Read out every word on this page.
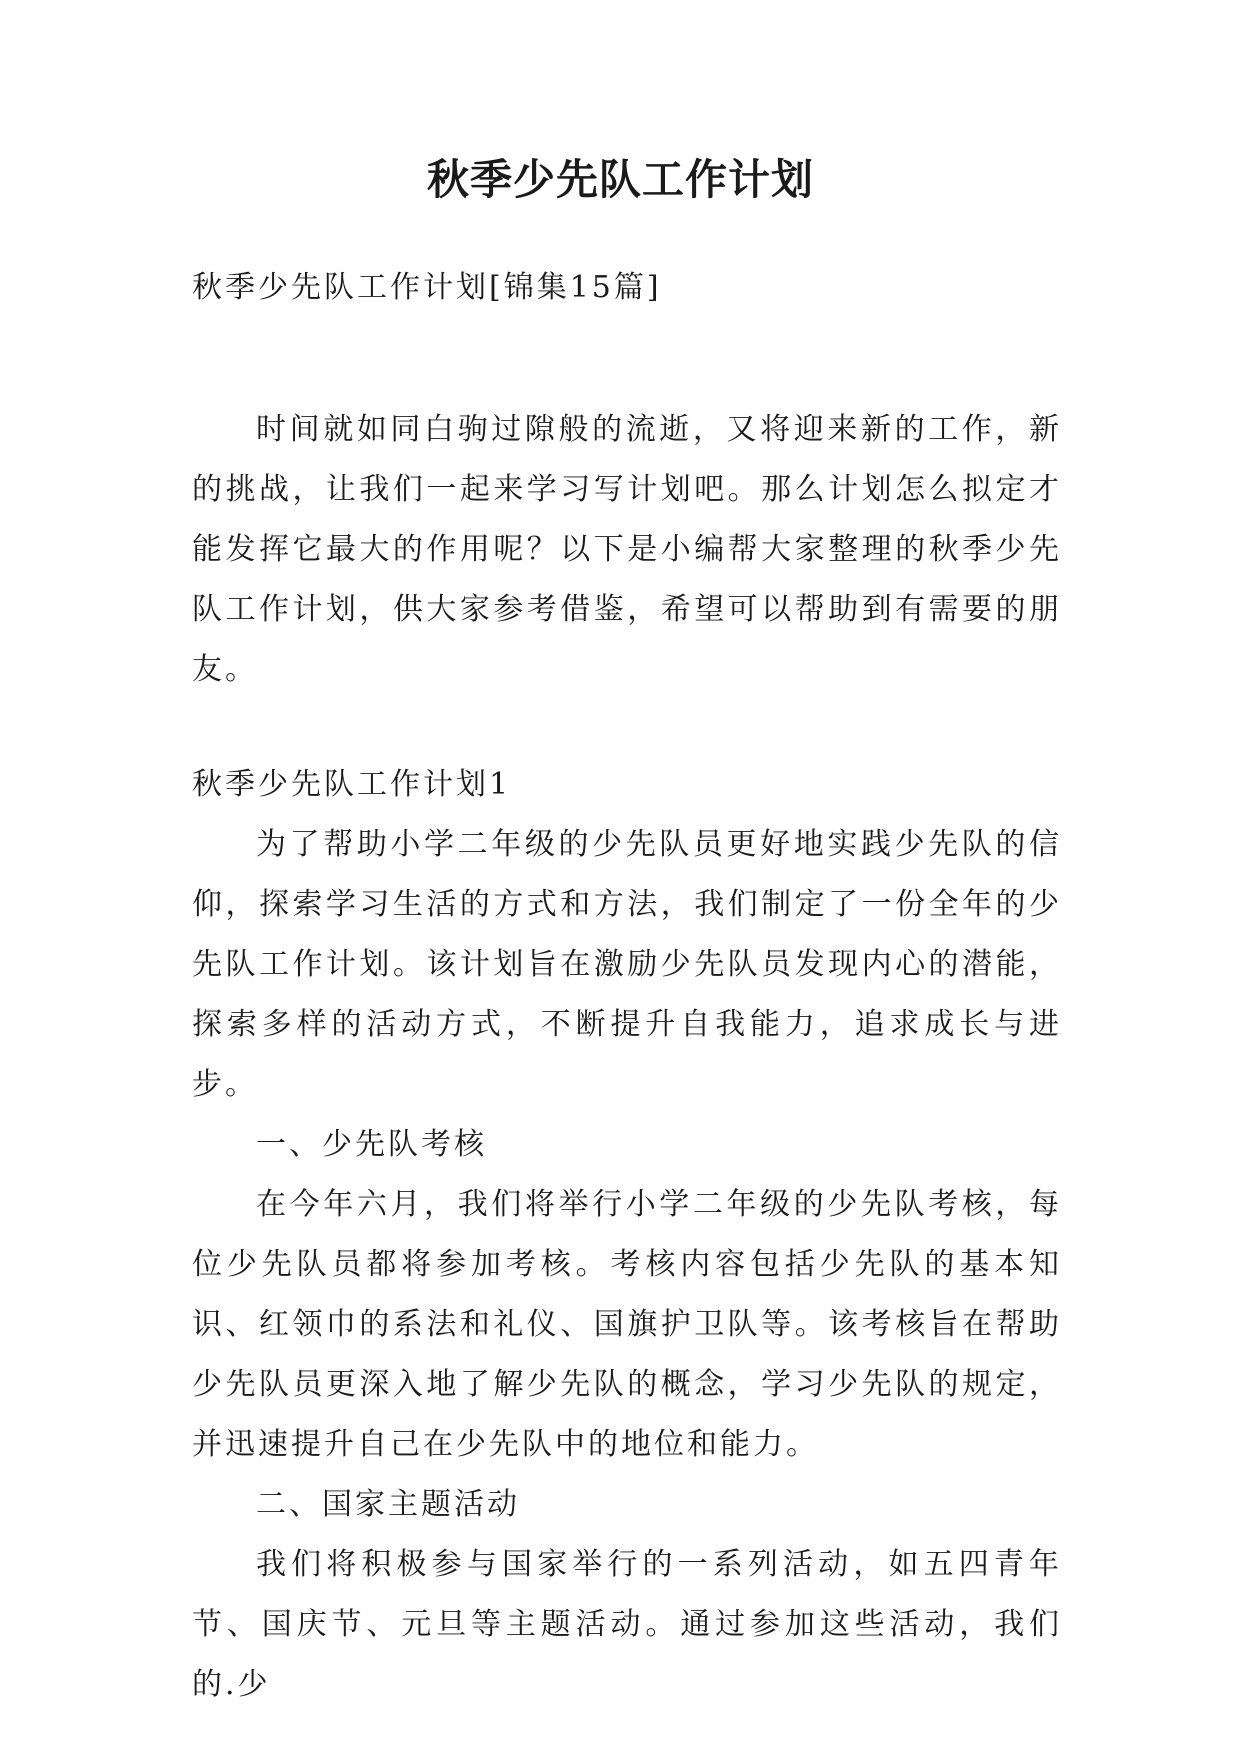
秋季少先队工作计划
秋季少先队工作计划[锦集15篇]

时间就如同白驹过隙般的流逝，又将迎来新的工作，新的挑战，让我们一起来学习写计划吧。那么计划怎么拟定才能发挥它最大的作用呢？以下是小编帮大家整理的秋季少先队工作计划，供大家参考借鉴，希望可以帮助到有需要的朋友。

秋季少先队工作计划1

为了帮助小学二年级的少先队员更好地实践少先队的信仰，探索学习生活的方式和方法，我们制定了一份全年的少先队工作计划。该计划旨在激励少先队员发现内心的潜能，探索多样的活动方式，不断提升自我能力，追求成长与进步。

一、少先队考核

在今年六月，我们将举行小学二年级的少先队考核，每位少先队员都将参加考核。考核内容包括少先队的基本知识、红领巾的系法和礼仪、国旗护卫队等。该考核旨在帮助少先队员更深入地了解少先队的概念，学习少先队的规定，并迅速提升自己在少先队中的地位和能力。

二、国家主题活动

我们将积极参与国家举行的一系列活动，如五四青年节、国庆节、元旦等主题活动。通过参加这些活动，我们的.少
